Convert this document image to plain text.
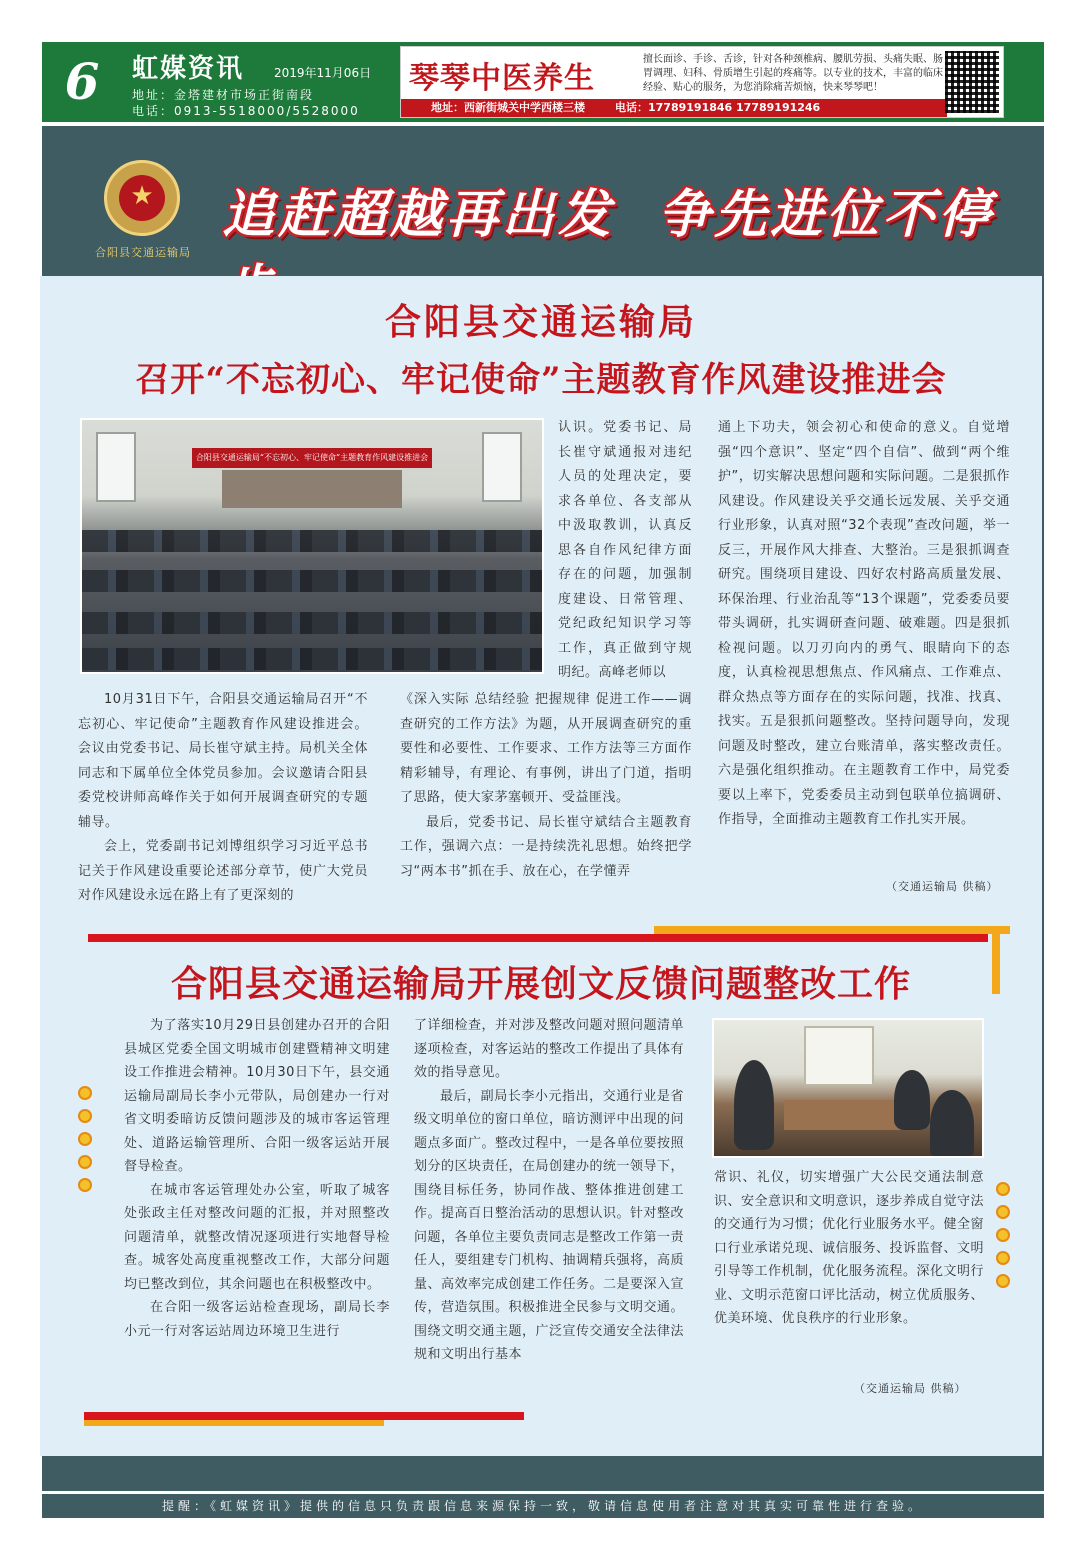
6	虹媒资讯 2019年11月06日
地址：金塔建材市场正街南段
电话：0913-5518000/5528000
琴琴中医养生
擅长面诊、手诊、舌诊，针对各种颈椎病、腰肌劳损、头痛失眠、肠胃调理、妇科、骨质增生引起的疼痛等。以专业的技术，丰富的临床经验、贴心的服务，为您消除痛苦烦恼，快来琴琴吧！
地址：西新街城关中学西楼三楼	电话：17789191846 17789191246
★
合阳县交通运输局
追赶超越再出发 争先进位不停
合阳县交通运输局
召开“不忘初心、牢记使命”主题教育作风建设推进会
合阳县交通运输局“不忘初心、牢记使命”主题教育作风建设推进会

10月31日下午，合阳县交通运输局召开“不忘初心、牢记使命”主题教育作风建设推进会。会议由党委书记、局长崔守斌主持。局机关全体同志和下属单位全体党员参加。会议邀请合阳县委党校讲师高峰作关于如何开展调查研究的专题辅导。

会上，党委副书记刘博组织学习习近平总书记关于作风建设重要论述部分章节，使广大党员对作风建设永远在路上有了更深刻的

认识。党委书记、局长崔守斌通报对违纪人员的处理决定，要求各单位、各支部从中汲取教训，认真反思各自作风纪律方面存在的问题，加强制度建设、日常管理、党纪政纪知识学习等工作，真正做到守规明纪。高峰老师以

《深入实际 总结经验 把握规律 促进工作——调查研究的工作方法》为题，从开展调查研究的重要性和必要性、工作要求、工作方法等三方面作精彩辅导，有理论、有事例，讲出了门道，指明了思路，使大家茅塞顿开、受益匪浅。

最后，党委书记、局长崔守斌结合主题教育工作，强调六点：一是持续洗礼思想。始终把学习“两本书”抓在手、放在心，在学懂弄

通上下功夫，领会初心和使命的意义。自觉增强“四个意识”、坚定“四个自信”、做到“两个维护”，切实解决思想问题和实际问题。二是狠抓作风建设。作风建设关乎交通长远发展、关乎交通行业形象，认真对照“32个表现”查改问题，举一反三，开展作风大排查、大整治。三是狠抓调查研究。围绕项目建设、四好农村路高质量发展、环保治理、行业治乱等“13个课题”，党委委员要带头调研，扎实调研查问题、破难题。四是狠抓检视问题。以刀刃向内的勇气、眼睛向下的态度，认真检视思想焦点、作风痛点、工作难点、群众热点等方面存在的实际问题，找准、找真、找实。五是狠抓问题整改。坚持问题导向，发现问题及时整改，建立台账清单，落实整改责任。六是强化组织推动。在主题教育工作中，局党委要以上率下，党委委员主动到包联单位搞调研、作指导，全面推动主题教育工作扎实开展。

（交通运输局 供稿）
合阳县交通运输局开展创文反馈问题整改工作

为了落实10月29日县创建办召开的合阳县城区党委全国文明城市创建暨精神文明建设工作推进会精神。10月30日下午，县交通运输局副局长李小元带队，局创建办一行对省文明委暗访反馈问题涉及的城市客运管理处、道路运输管理所、合阳一级客运站开展督导检查。

在城市客运管理处办公室，听取了城客处张政主任对整改问题的汇报，并对照整改问题清单，就整改情况逐项进行实地督导检查。城客处高度重视整改工作，大部分问题均已整改到位，其余问题也在积极整改中。

在合阳一级客运站检查现场，副局长李小元一行对客运站周边环境卫生进行

了详细检查，并对涉及整改问题对照问题清单逐项检查，对客运站的整改工作提出了具体有效的指导意见。

最后，副局长李小元指出，交通行业是省级文明单位的窗口单位，暗访测评中出现的问题点多面广。整改过程中，一是各单位要按照划分的区块责任，在局创建办的统一领导下，围绕目标任务，协同作战、整体推进创建工作。提高百日整治活动的思想认识。针对整改问题，各单位主要负责同志是整改工作第一责任人，要组建专门机构、抽调精兵强将，高质量、高效率完成创建工作任务。二是要深入宣传，营造氛围。积极推进全民参与文明交通。围绕文明交通主题，广泛宣传交通安全法律法规和文明出行基本

常识、礼仪，切实增强广大公民交通法制意识、安全意识和文明意识，逐步养成自觉守法的交通行为习惯；优化行业服务水平。健全窗口行业承诺兑现、诚信服务、投诉监督、文明引导等工作机制，优化服务流程。深化文明行业、文明示范窗口评比活动，树立优质服务、优美环境、优良秩序的行业形象。

（交通运输局 供稿）
提醒：《虹媒资讯》提供的信息只负责跟信息来源保持一致，敬请信息使用者注意对其真实可靠性进行查验。
